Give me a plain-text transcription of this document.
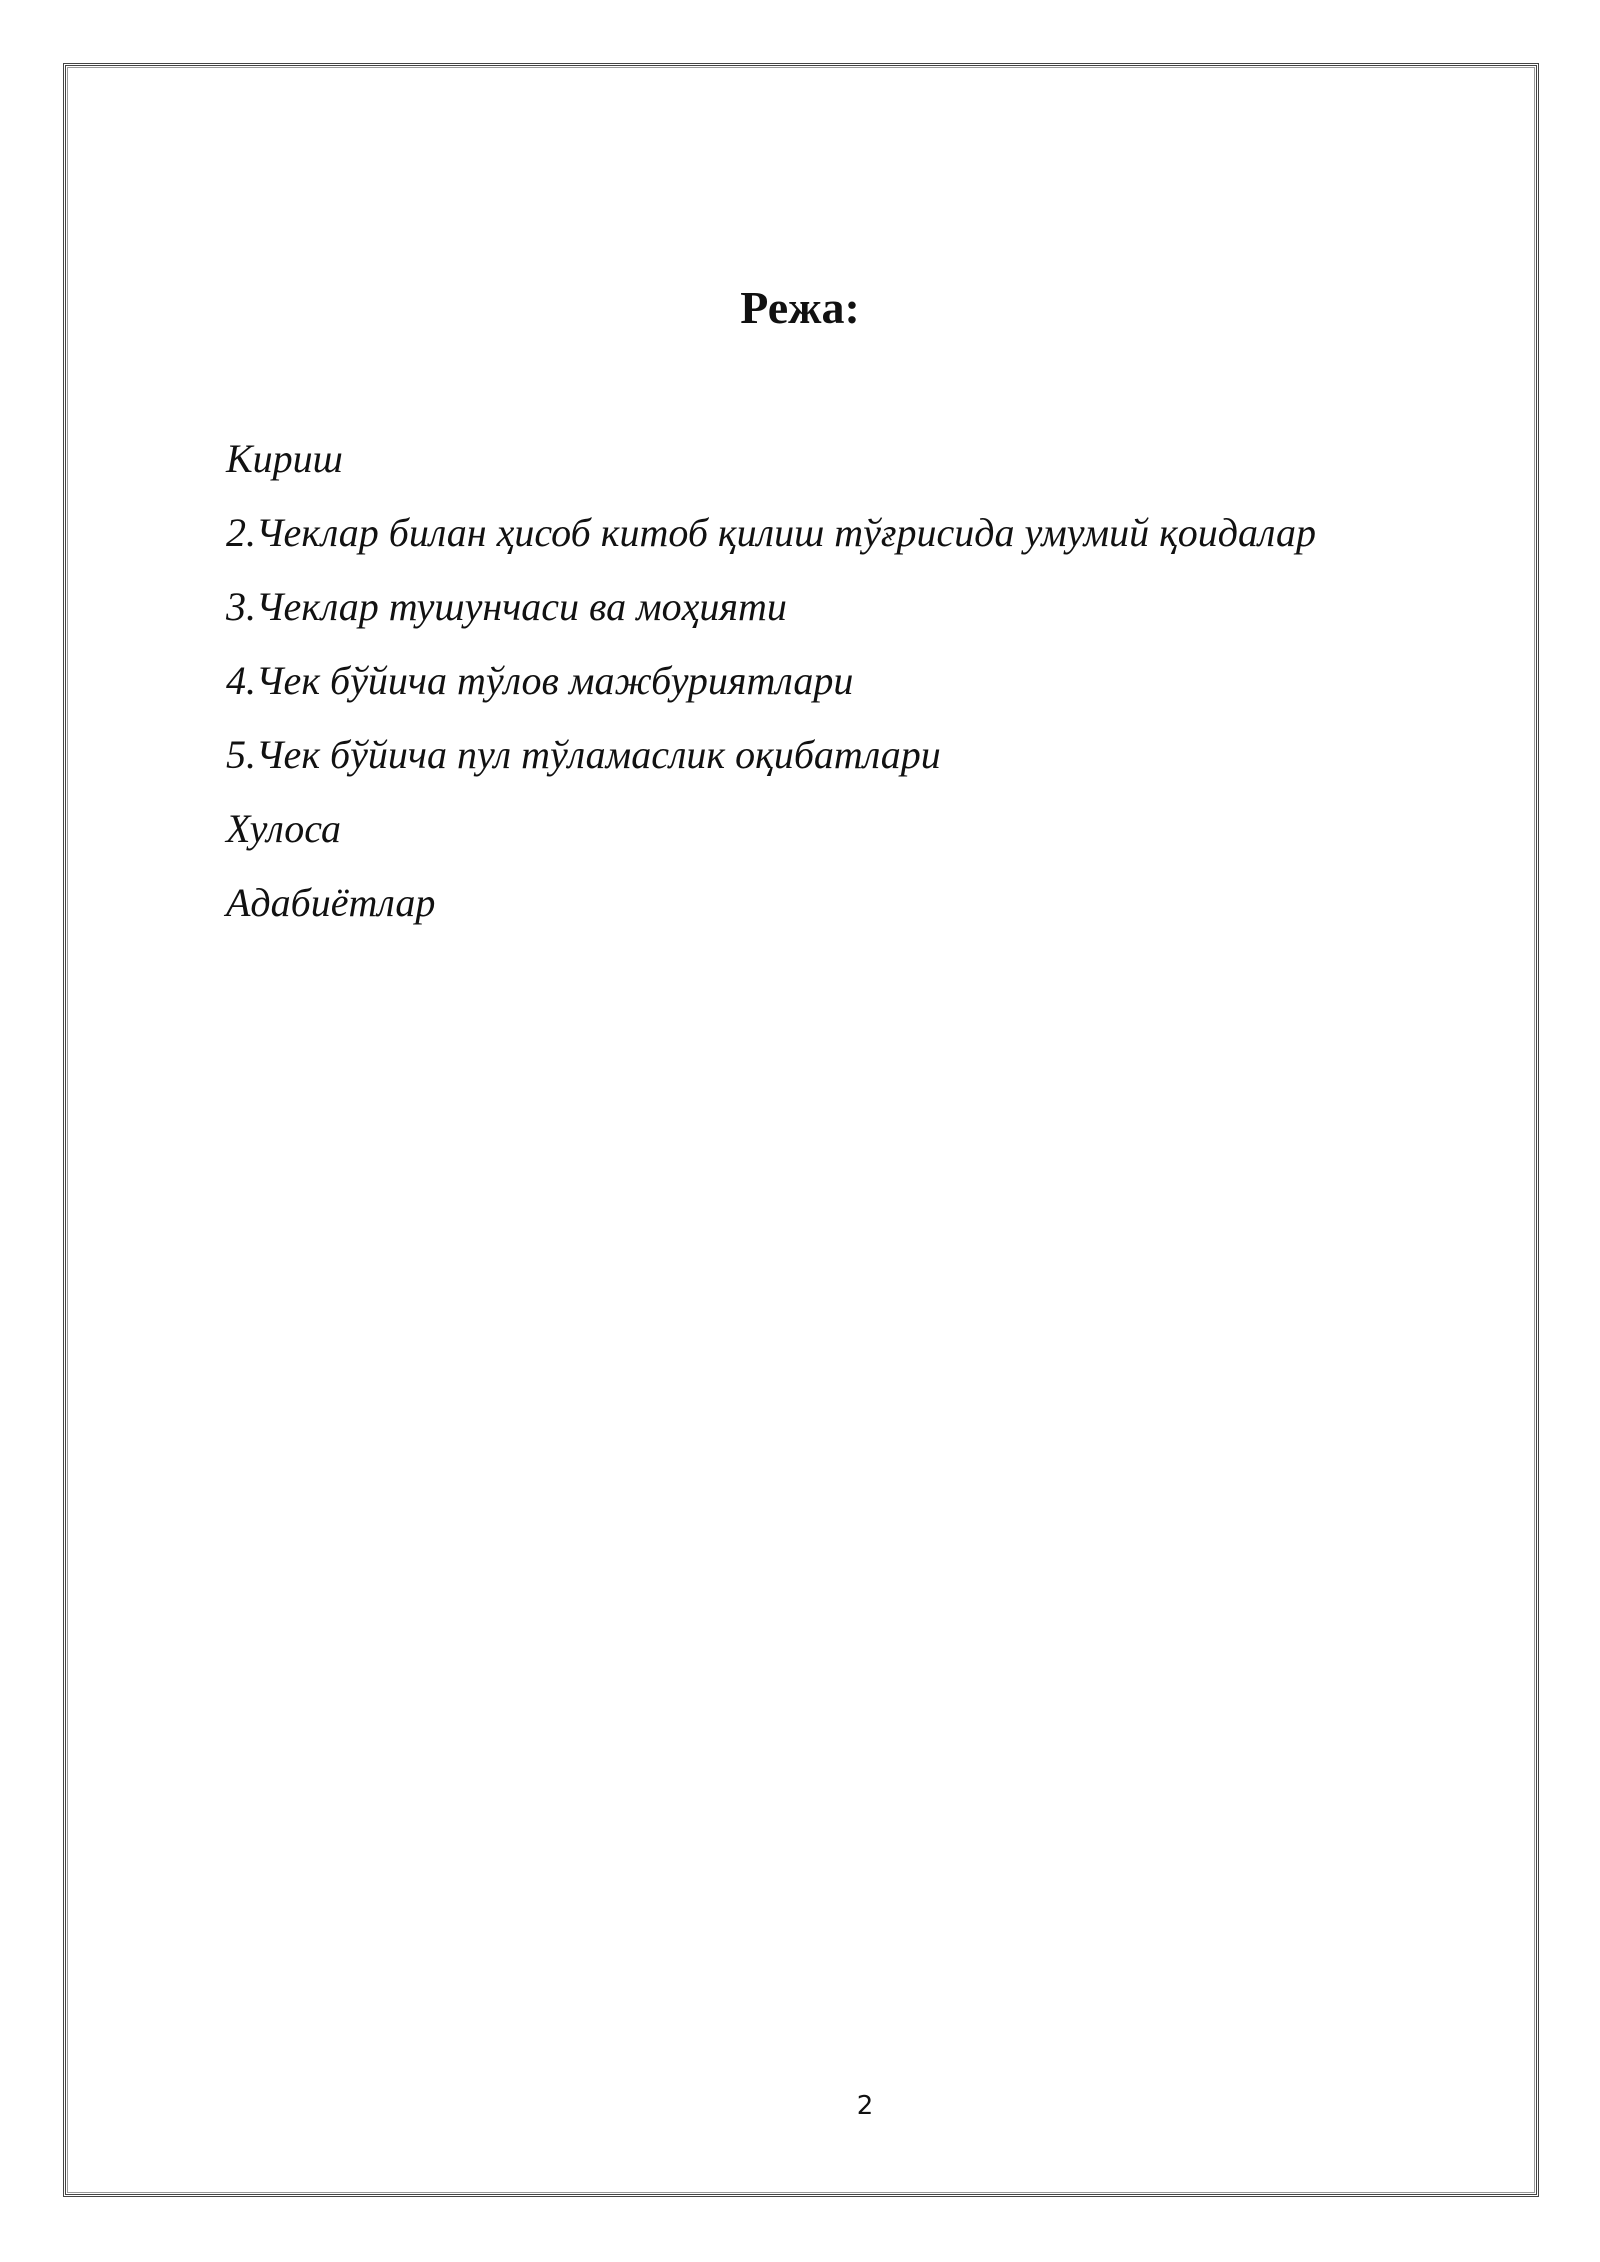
Режа:
Кириш
2.Чеклар билан ҳисоб китоб қилиш тўғрисида умумий қоидалар
3.Чеклар тушунчаси ва моҳияти
4.Чек бўйича тўлов мажбуриятлари
5.Чек бўйича пул тўламаслик оқибатлари
Хулоса
Адабиётлар
2
